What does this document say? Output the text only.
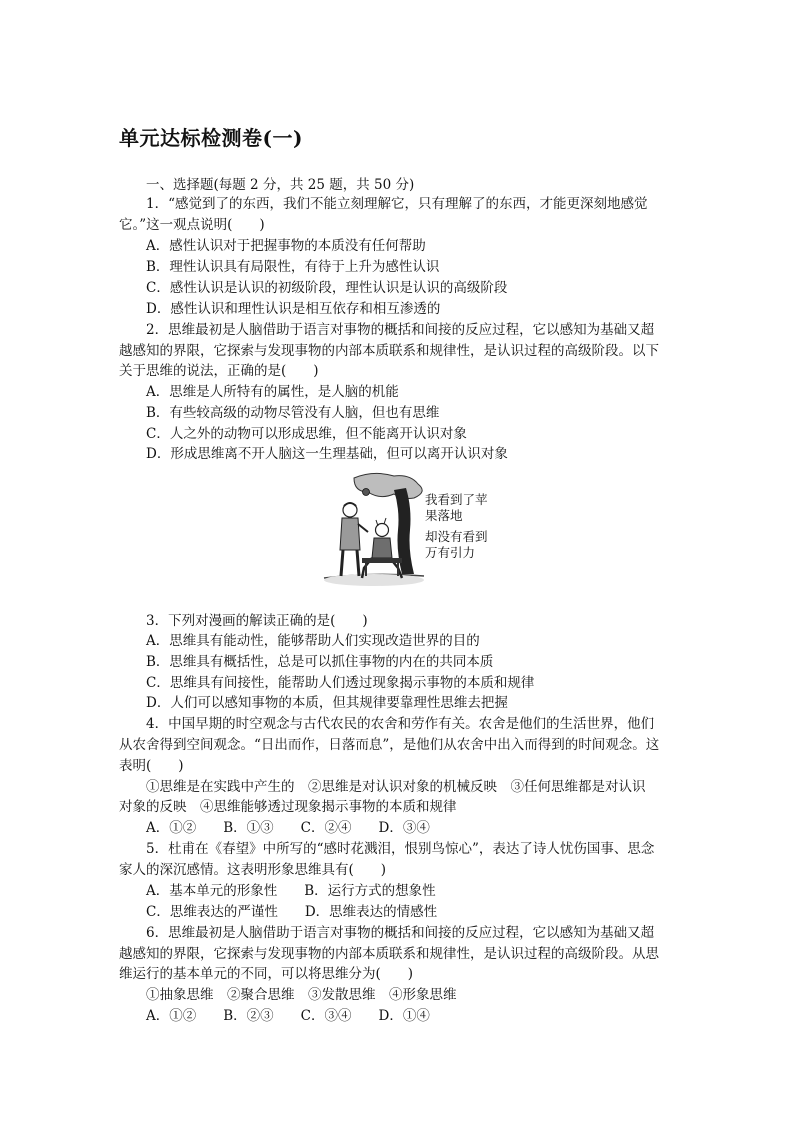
单元达标检测卷(一)
一、选择题(每题 2 分，共 25 题，共 50 分)
1．“感觉到了的东西，我们不能立刻理解它，只有理解了的东西，才能更深刻地感觉
它。”这一观点说明(　　)
A．感性认识对于把握事物的本质没有任何帮助
B．理性认识具有局限性，有待于上升为感性认识
C．感性认识是认识的初级阶段，理性认识是认识的高级阶段
D．感性认识和理性认识是相互依存和相互渗透的
2．思维最初是人脑借助于语言对事物的概括和间接的反应过程，它以感知为基础又超
越感知的界限，它探索与发现事物的内部本质联系和规律性，是认识过程的高级阶段。以下
关于思维的说法，正确的是(　　)
A．思维是人所特有的属性，是人脑的机能
B．有些较高级的动物尽管没有人脑，但也有思维
C．人之外的动物可以形成思维，但不能离开认识对象
D．形成思维离不开人脑这一生理基础，但可以离开认识对象
我看到了苹
果落地
却没有看到
万有引力
3．下列对漫画的解读正确的是(　　)
A．思维具有能动性，能够帮助人们实现改造世界的目的
B．思维具有概括性，总是可以抓住事物的内在的共同本质
C．思维具有间接性，能帮助人们透过现象揭示事物的本质和规律
D．人们可以感知事物的本质，但其规律要靠理性思维去把握
4．中国早期的时空观念与古代农民的农舍和劳作有关。农舍是他们的生活世界，他们
从农舍得到空间观念。“日出而作，日落而息”，是他们从农舍中出入而得到的时间观念。这
表明(　　)
①思维是在实践中产生的　②思维是对认识对象的机械反映　③任何思维都是对认识
对象的反映　④思维能够透过现象揭示事物的本质和规律
A．①②　　B．①③　　C．②④　　D．③④
5．杜甫在《春望》中所写的“感时花溅泪，恨别鸟惊心”，表达了诗人忧伤国事、思念
家人的深沉感情。这表明形象思维具有(　　)
A．基本单元的形象性　　B．运行方式的想象性
C．思维表达的严谨性　　D．思维表达的情感性
6．思维最初是人脑借助于语言对事物的概括和间接的反应过程，它以感知为基础又超
越感知的界限，它探索与发现事物的内部本质联系和规律性，是认识过程的高级阶段。从思
维运行的基本单元的不同，可以将思维分为(　　)
①抽象思维　②聚合思维　③发散思维　④形象思维
A．①②　　B．②③　　C．③④　　D．①④
